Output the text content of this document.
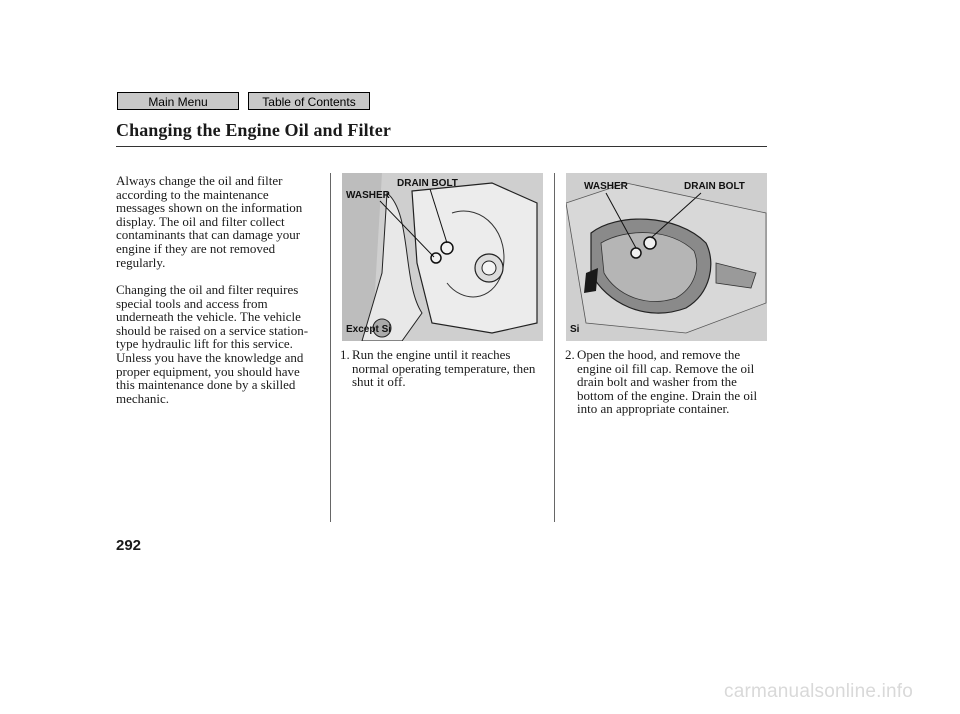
Main Menu	Table of Contents
Changing the Engine Oil and Filter

Always change the oil and filter according to the maintenance messages shown on the information display. The oil and filter collect contaminants that can damage your engine if they are not removed regularly.

Changing the oil and filter requires special tools and access from underneath the vehicle. The vehicle should be raised on a service station-type hydraulic lift for this service. Unless you have the knowledge and proper equipment, you should have this maintenance done by a skilled mechanic.

DRAIN BOLT
WASHER
Except Si
WASHER	DRAIN BOLT
Si
1. Run the engine until it reaches normal operating temperature, then shut it off.
2. Open the hood, and remove the engine oil fill cap. Remove the oil drain bolt and washer from the bottom of the engine. Drain the oil into an appropriate container.
292
carmanualsonline.info
